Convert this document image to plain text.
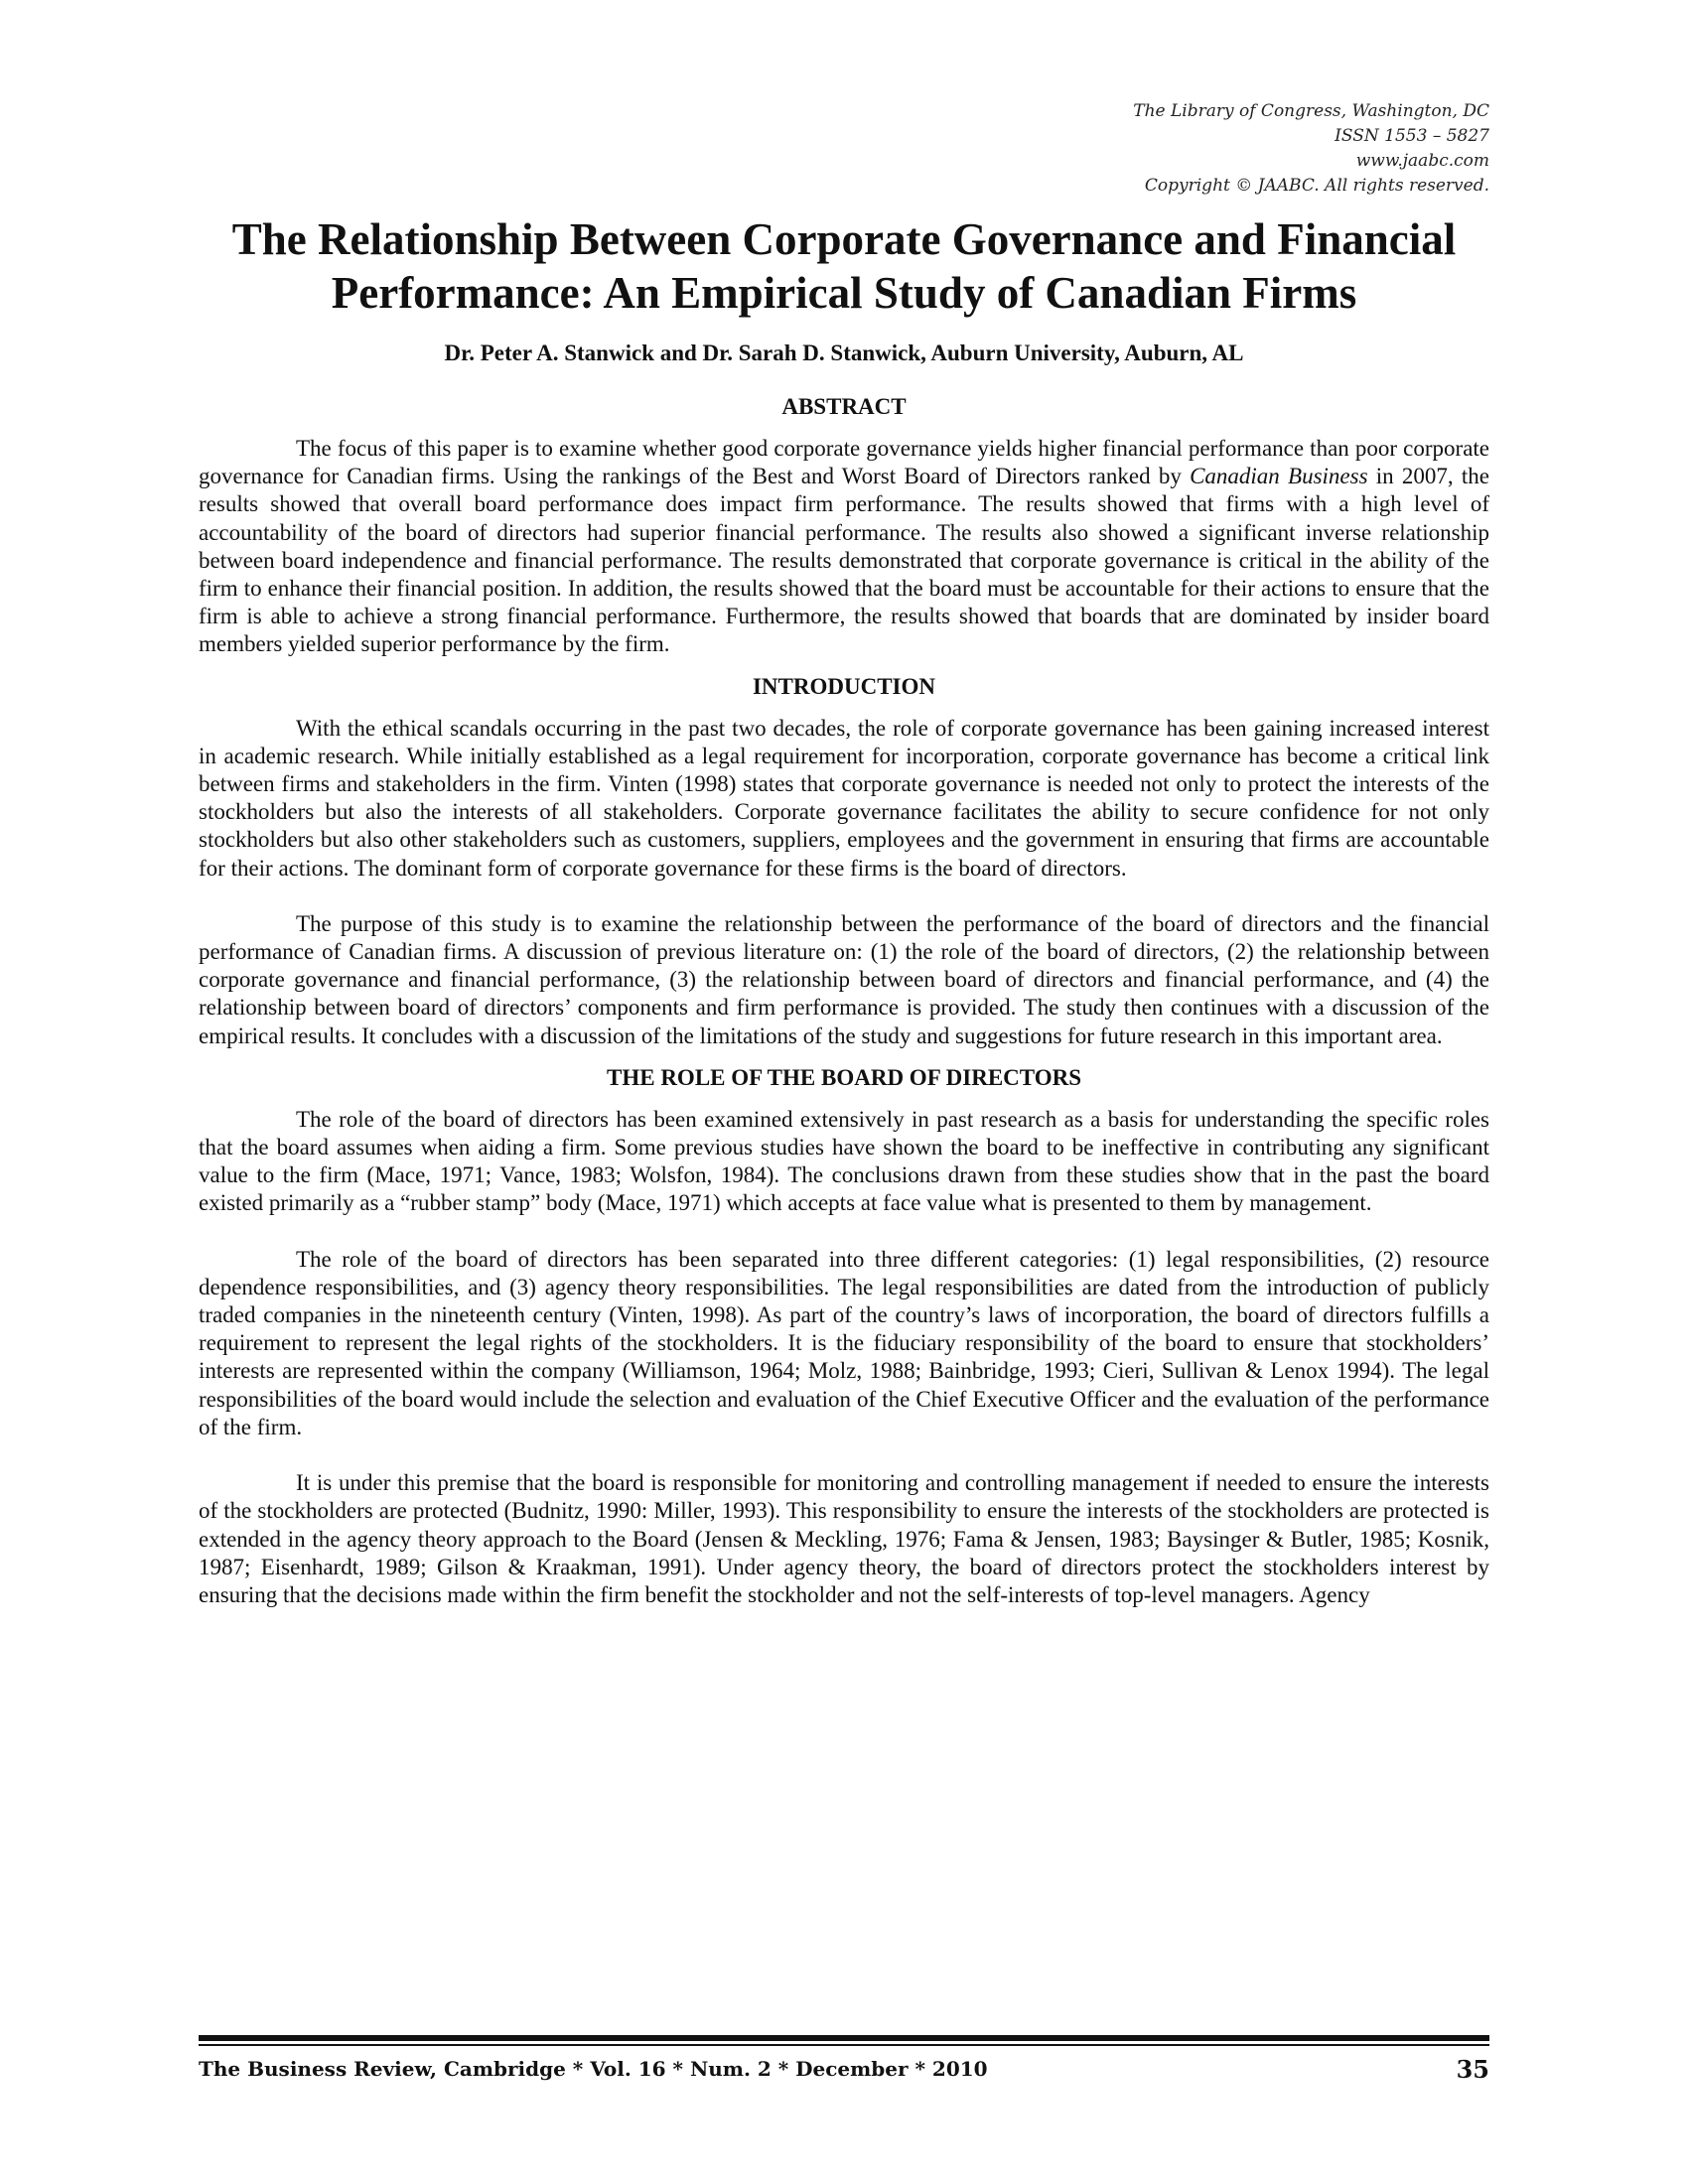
The Library of Congress, Washington, DC
ISSN 1553 – 5827
www.jaabc.com
Copyright © JAABC. All rights reserved.
The Relationship Between Corporate Governance and Financial
Performance: An Empirical Study of Canadian Firms
Dr. Peter A. Stanwick and Dr. Sarah D. Stanwick, Auburn University, Auburn, AL
ABSTRACT

The focus of this paper is to examine whether good corporate governance yields higher financial performance than poor corporate governance for Canadian firms. Using the rankings of the Best and Worst Board of Directors ranked by Canadian Business in 2007, the results showed that overall board performance does impact firm performance. The results showed that firms with a high level of accountability of the board of directors had superior financial performance. The results also showed a significant inverse relationship between board independence and financial performance. The results demonstrated that corporate governance is critical in the ability of the firm to enhance their financial position. In addition, the results showed that the board must be accountable for their actions to ensure that the firm is able to achieve a strong financial performance. Furthermore, the results showed that boards that are dominated by insider board members yielded superior performance by the firm.

INTRODUCTION

With the ethical scandals occurring in the past two decades, the role of corporate governance has been gaining increased interest in academic research. While initially established as a legal requirement for incorporation, corporate governance has become a critical link between firms and stakeholders in the firm. Vinten (1998) states that corporate governance is needed not only to protect the interests of the stockholders but also the interests of all stakeholders. Corporate governance facilitates the ability to secure confidence for not only stockholders but also other stakeholders such as customers, suppliers, employees and the government in ensuring that firms are accountable for their actions. The dominant form of corporate governance for these firms is the board of directors.

The purpose of this study is to examine the relationship between the performance of the board of directors and the financial performance of Canadian firms. A discussion of previous literature on: (1) the role of the board of directors, (2) the relationship between corporate governance and financial performance, (3) the relationship between board of directors and financial performance, and (4) the relationship between board of directors’ components and firm performance is provided. The study then continues with a discussion of the empirical results. It concludes with a discussion of the limitations of the study and suggestions for future research in this important area.

THE ROLE OF THE BOARD OF DIRECTORS

The role of the board of directors has been examined extensively in past research as a basis for understanding the specific roles that the board assumes when aiding a firm. Some previous studies have shown the board to be ineffective in contributing any significant value to the firm (Mace, 1971; Vance, 1983; Wolsfon, 1984). The conclusions drawn from these studies show that in the past the board existed primarily as a “rubber stamp” body (Mace, 1971) which accepts at face value what is presented to them by management.

The role of the board of directors has been separated into three different categories: (1) legal responsibilities, (2) resource dependence responsibilities, and (3) agency theory responsibilities. The legal responsibilities are dated from the introduction of publicly traded companies in the nineteenth century (Vinten, 1998). As part of the country’s laws of incorporation, the board of directors fulfills a requirement to represent the legal rights of the stockholders. It is the fiduciary responsibility of the board to ensure that stockholders’ interests are represented within the company (Williamson, 1964; Molz, 1988; Bainbridge, 1993; Cieri, Sullivan & Lenox 1994). The legal responsibilities of the board would include the selection and evaluation of the Chief Executive Officer and the evaluation of the performance of the firm.

It is under this premise that the board is responsible for monitoring and controlling management if needed to ensure the interests of the stockholders are protected (Budnitz, 1990: Miller, 1993). This responsibility to ensure the interests of the stockholders are protected is extended in the agency theory approach to the Board (Jensen & Meckling, 1976; Fama & Jensen, 1983; Baysinger & Butler, 1985; Kosnik, 1987; Eisenhardt, 1989; Gilson & Kraakman, 1991). Under agency theory, the board of directors protect the stockholders interest by ensuring that the decisions made within the firm benefit the stockholder and not the self-interests of top-level managers. Agency

The Business Review, Cambridge * Vol. 16 * Num. 2 * December * 2010	35
